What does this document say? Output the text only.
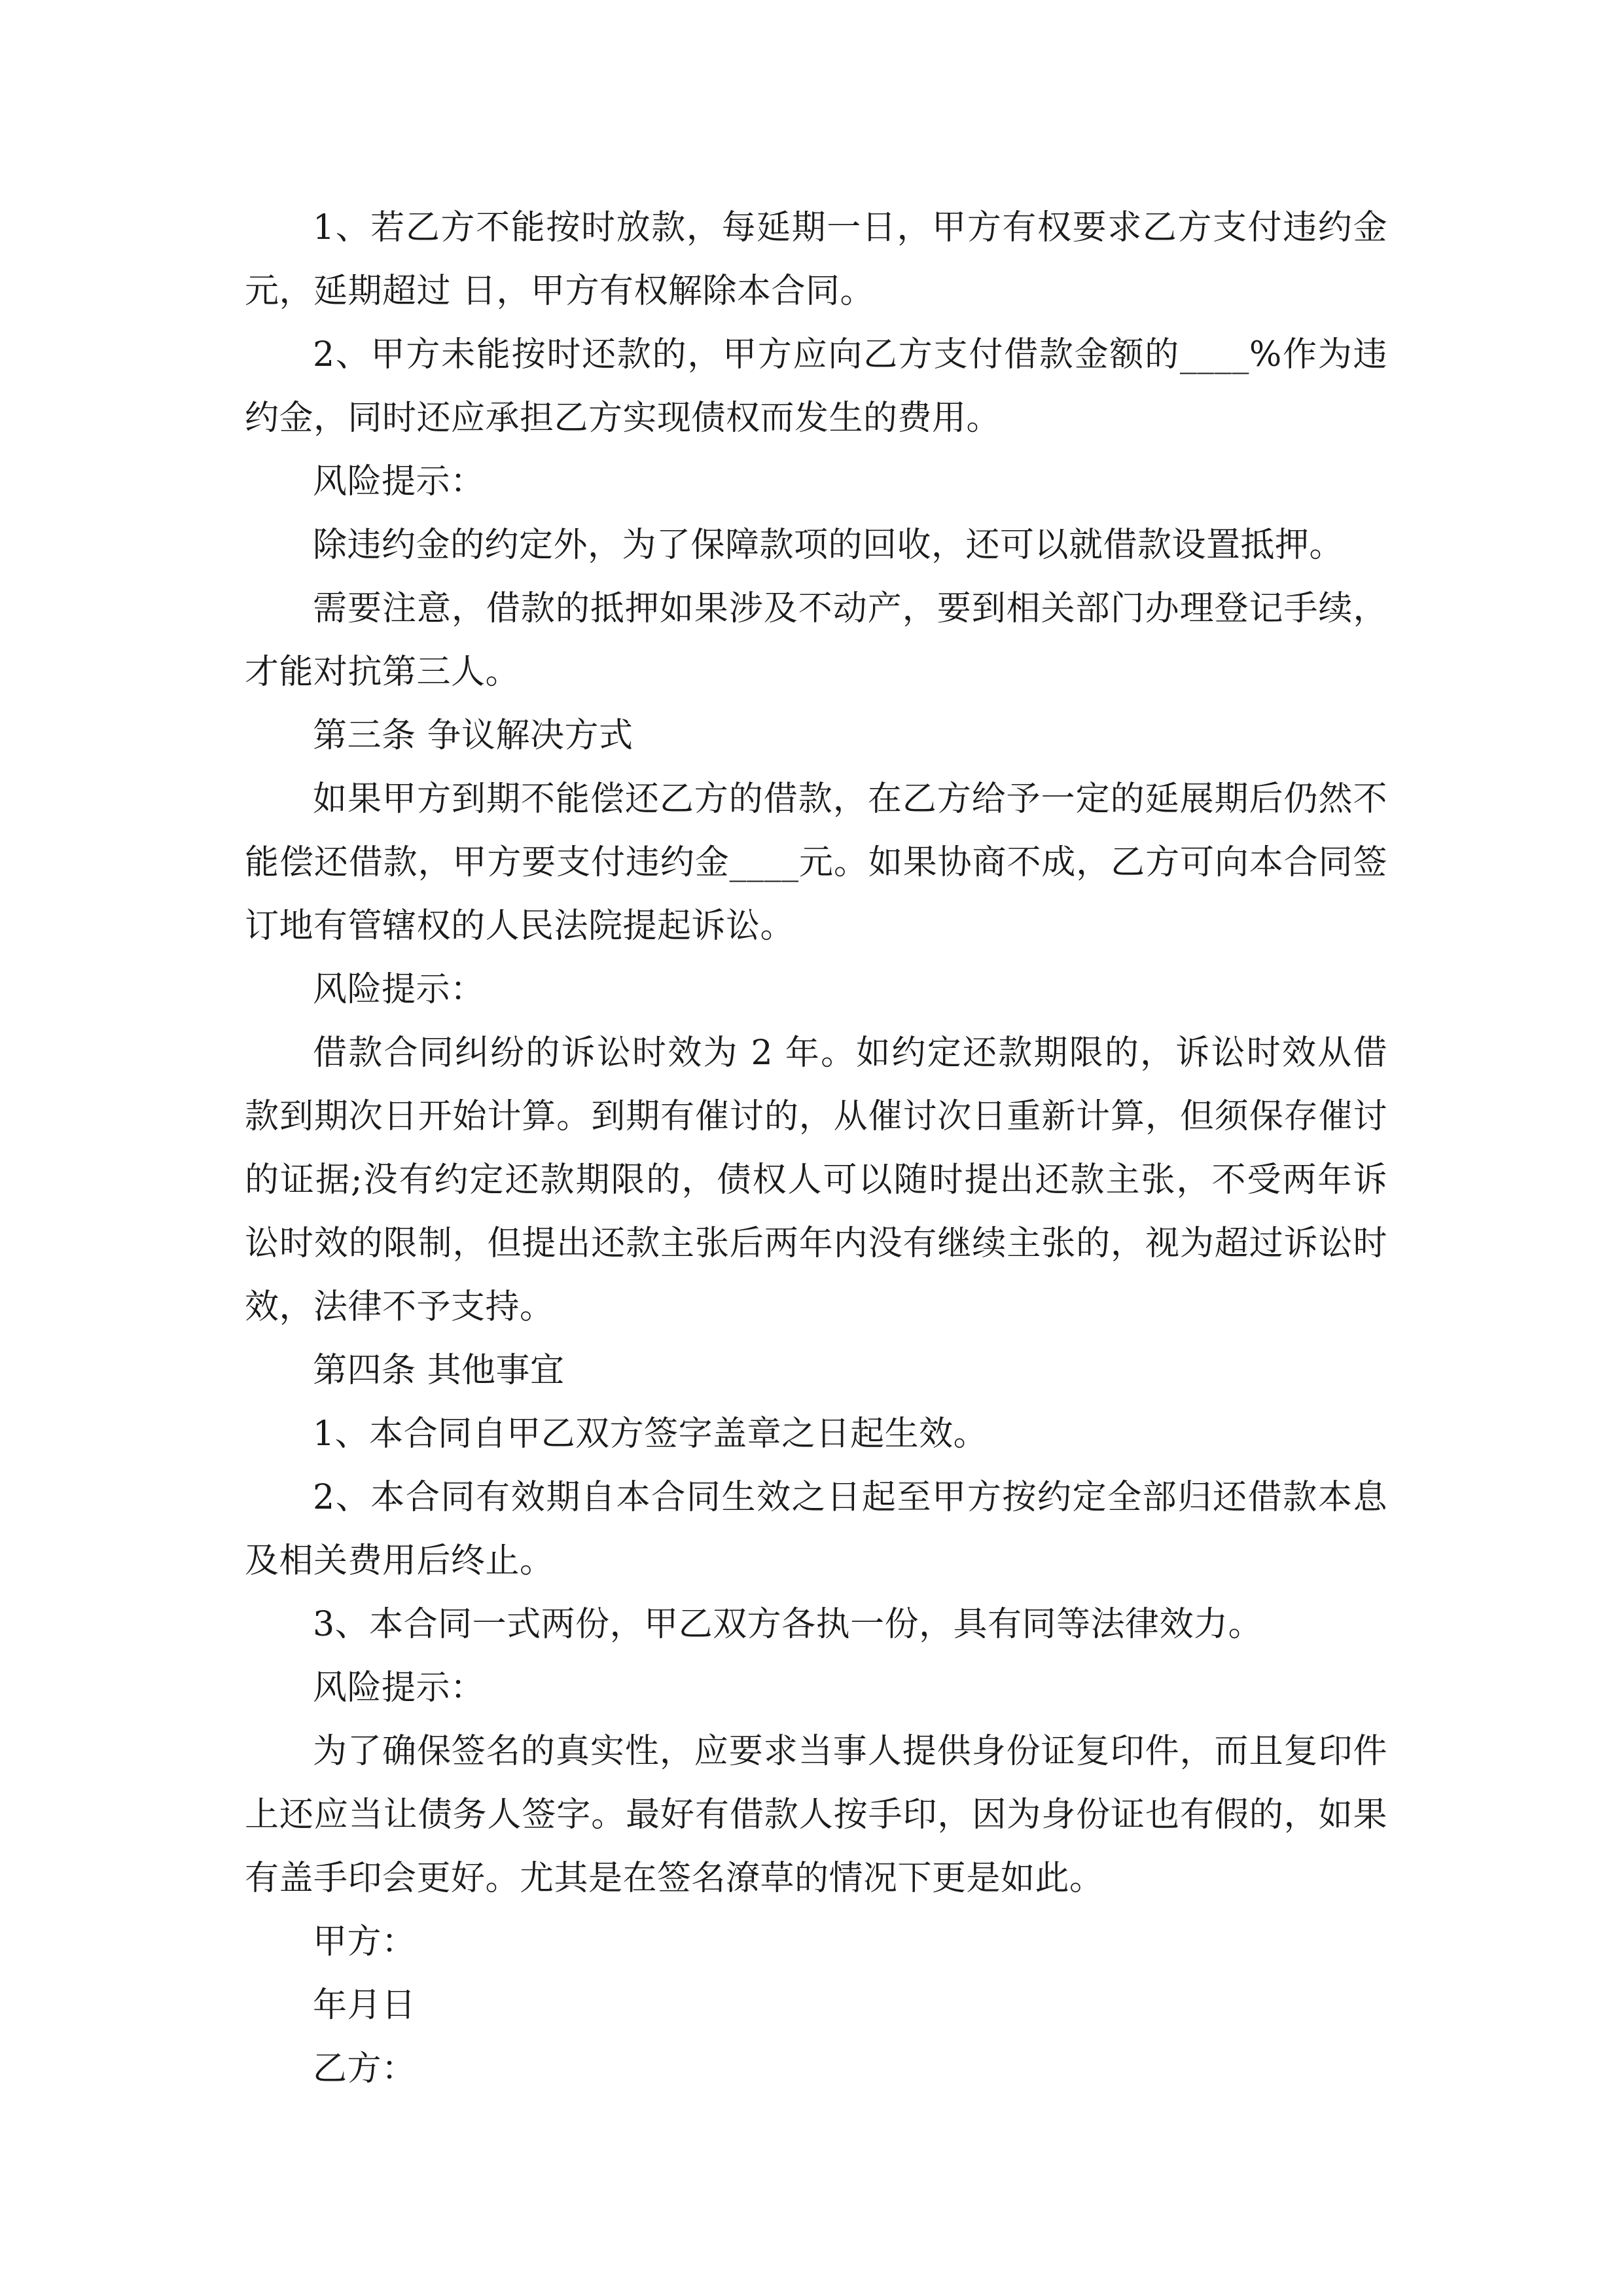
1、若乙方不能按时放款，每延期一日，甲方有权要求乙方支付违约金 元，延期超过 日，甲方有权解除本合同。

2、甲方未能按时还款的，甲方应向乙方支付借款金额的____%作为违约金，同时还应承担乙方实现债权而发生的费用。

风险提示：

除违约金的约定外，为了保障款项的回收，还可以就借款设置抵押。

需要注意，借款的抵押如果涉及不动产，要到相关部门办理登记手续，才能对抗第三人。

第三条 争议解决方式

如果甲方到期不能偿还乙方的借款，在乙方给予一定的延展期后仍然不能偿还借款，甲方要支付违约金____元。如果协商不成，乙方可向本合同签订地有管辖权的人民法院提起诉讼。

风险提示：

借款合同纠纷的诉讼时效为 2 年。如约定还款期限的，诉讼时效从借款到期次日开始计算。到期有催讨的，从催讨次日重新计算，但须保存催讨的证据;没有约定还款期限的，债权人可以随时提出还款主张，不受两年诉讼时效的限制，但提出还款主张后两年内没有继续主张的，视为超过诉讼时效，法律不予支持。

第四条 其他事宜

1、本合同自甲乙双方签字盖章之日起生效。

2、本合同有效期自本合同生效之日起至甲方按约定全部归还借款本息及相关费用后终止。

3、本合同一式两份，甲乙双方各执一份，具有同等法律效力。

风险提示：

为了确保签名的真实性，应要求当事人提供身份证复印件，而且复印件上还应当让债务人签字。最好有借款人按手印，因为身份证也有假的，如果有盖手印会更好。尤其是在签名潦草的情况下更是如此。

甲方：

年月日

乙方：
